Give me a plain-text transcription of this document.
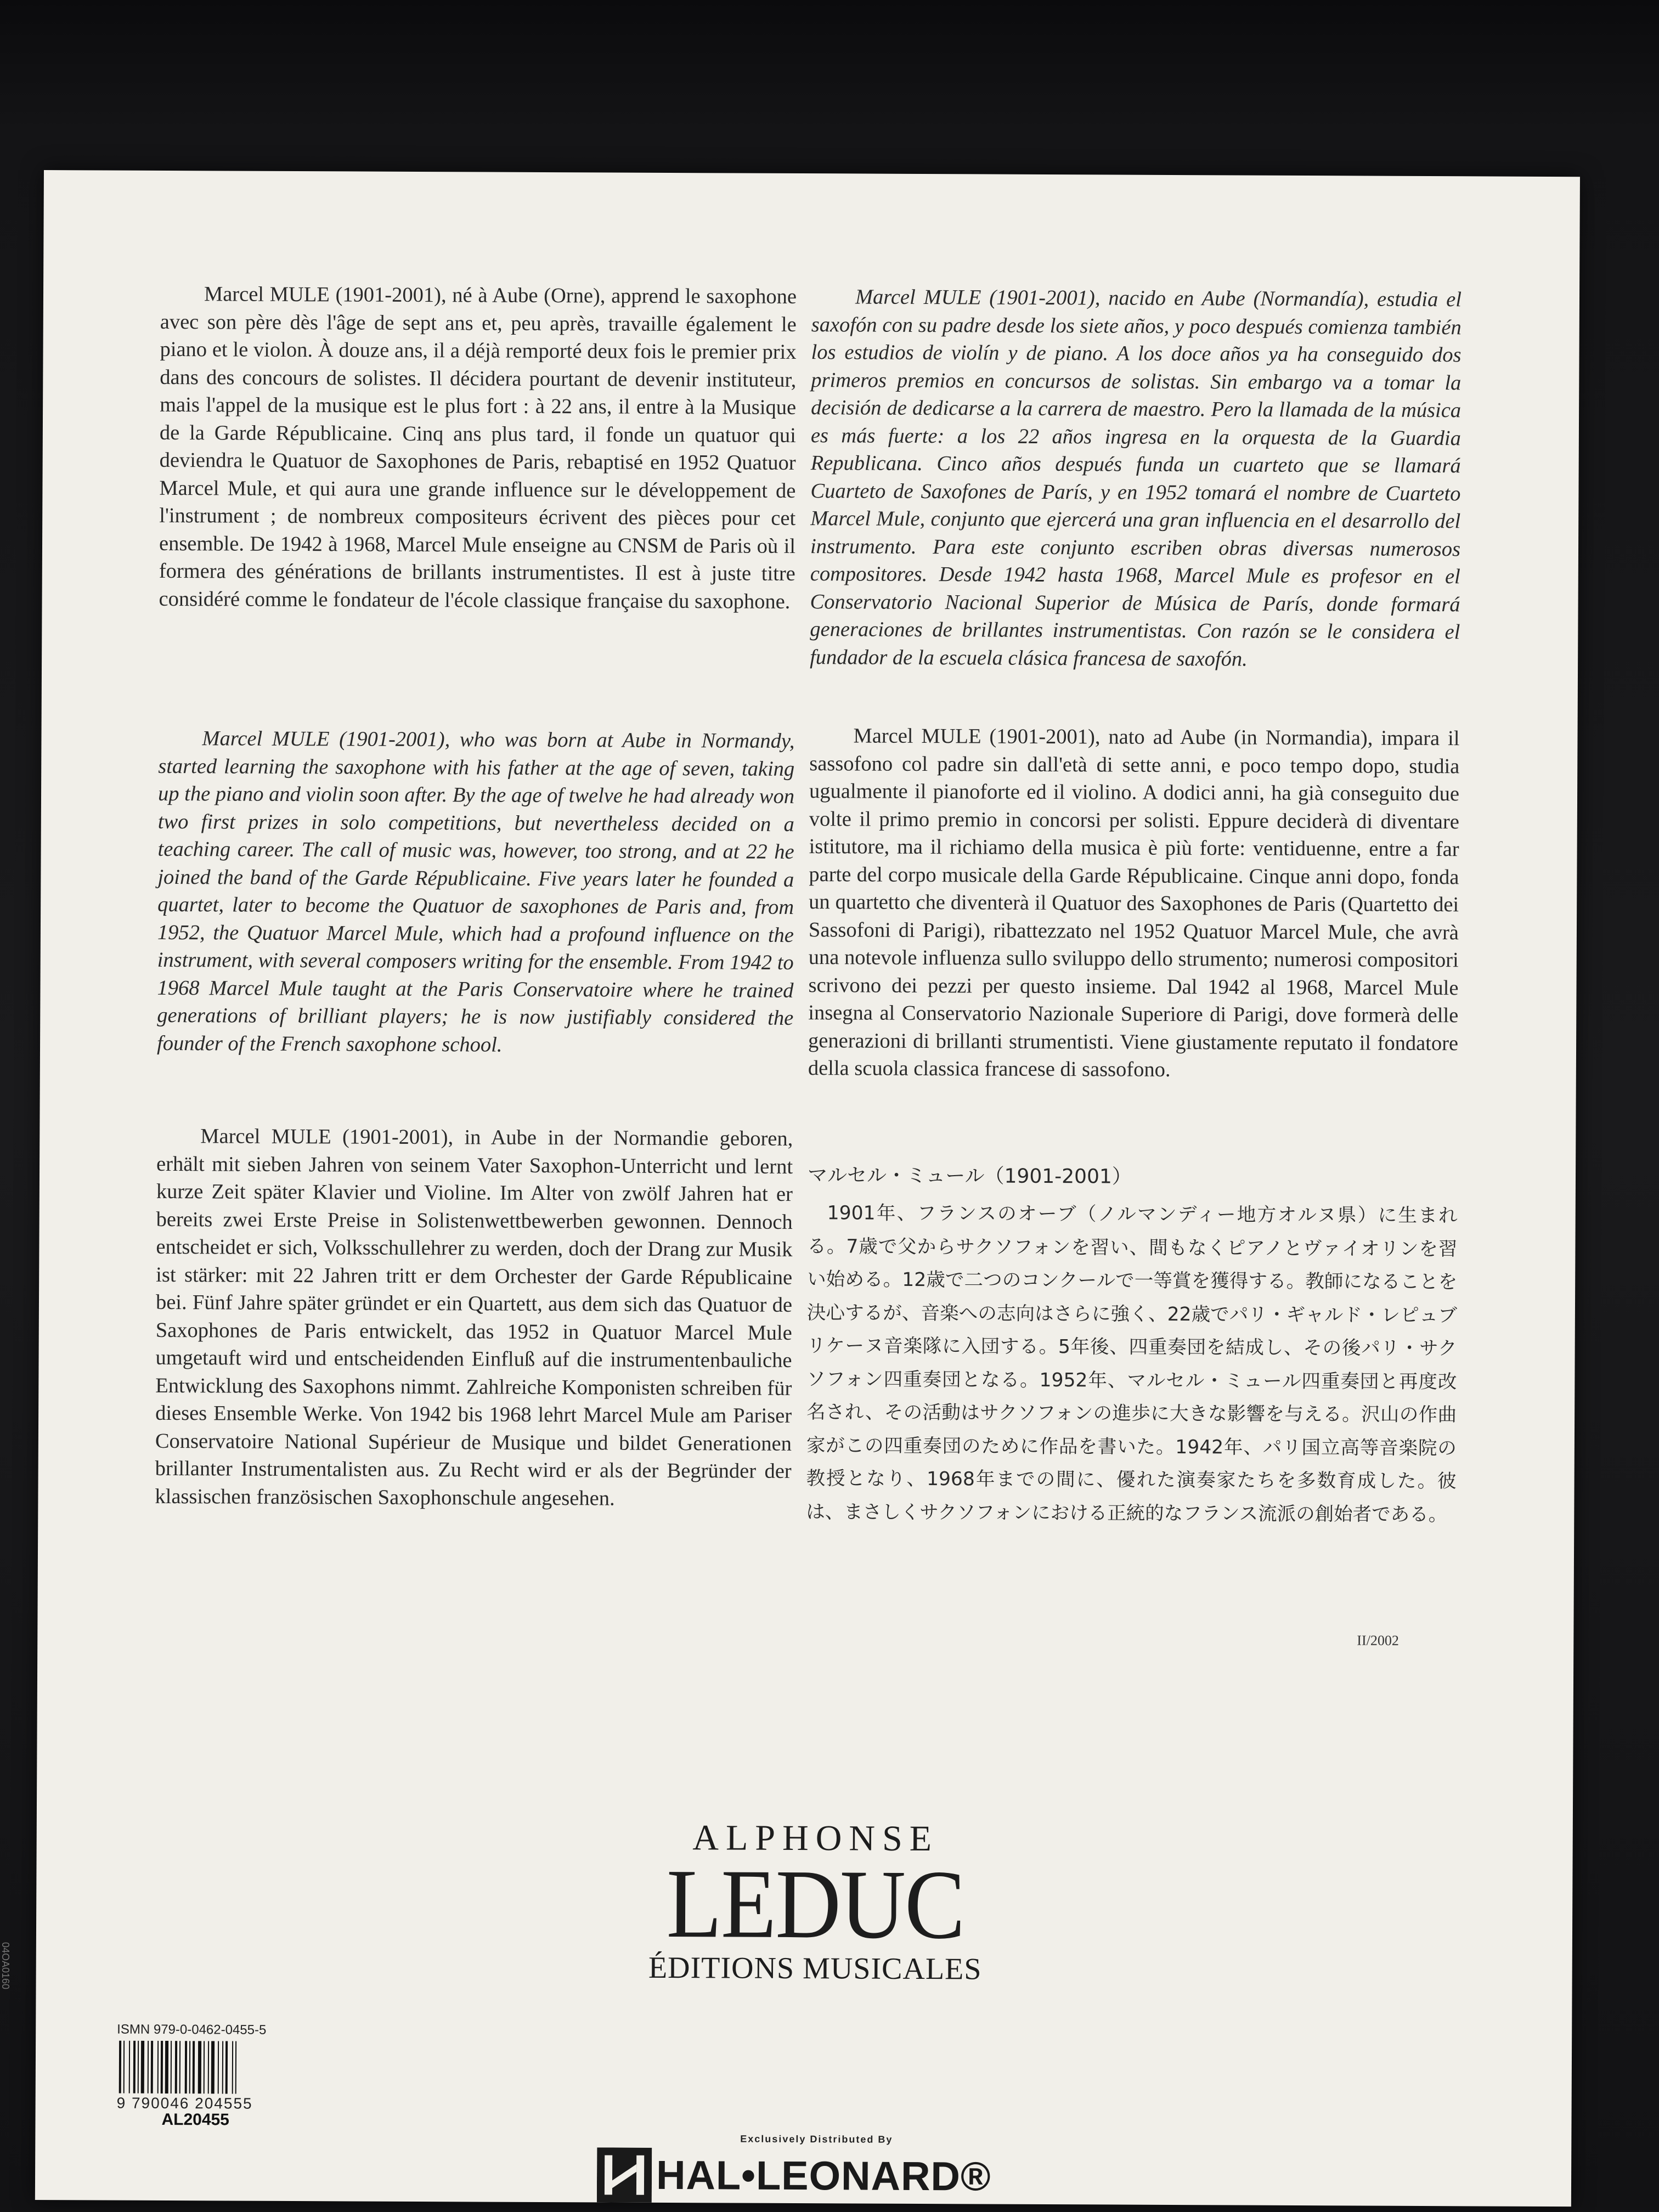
Marcel MULE (1901-2001), né à Aube (Orne), apprend le saxophone avec son père dès l'âge de sept ans et, peu après, travaille également le piano et le violon. À douze ans, il a déjà remporté deux fois le premier prix dans des concours de solistes. Il décidera pourtant de devenir instituteur, mais l'appel de la musique est le plus fort : à 22 ans, il entre à la Musique de la Garde Républicaine. Cinq ans plus tard, il fonde un quatuor qui deviendra le Quatuor de Saxophones de Paris, rebaptisé en 1952 Quatuor Marcel Mule, et qui aura une grande influence sur le développement de l'instrument ; de nombreux compositeurs écrivent des pièces pour cet ensemble. De 1942 à 1968, Marcel Mule enseigne au CNSM de Paris où il formera des générations de brillants instrumentistes. Il est à juste titre considéré comme le fondateur de l'école classique française du saxophone.

Marcel MULE (1901-2001), who was born at Aube in Normandy, started learning the saxophone with his father at the age of seven, taking up the piano and violin soon after. By the age of twelve he had already won two first prizes in solo competitions, but nevertheless decided on a teaching career. The call of music was, however, too strong, and at 22 he joined the band of the Garde Républicaine. Five years later he founded a quartet, later to become the Quatuor de saxophones de Paris and, from 1952, the Quatuor Marcel Mule, which had a profound influence on the instrument, with several composers writing for the ensemble. From 1942 to 1968 Marcel Mule taught at the Paris Conservatoire where he trained generations of brilliant players; he is now justifiably considered the founder of the French saxophone school.

Marcel MULE (1901-2001), in Aube in der Normandie geboren, erhält mit sieben Jahren von seinem Vater Saxophon-Unterricht und lernt kurze Zeit später Klavier und Violine. Im Alter von zwölf Jahren hat er bereits zwei Erste Preise in Solistenwettbewerben gewonnen. Dennoch entscheidet er sich, Volksschullehrer zu werden, doch der Drang zur Musik ist stärker: mit 22 Jahren tritt er dem Orchester der Garde Républicaine bei. Fünf Jahre später gründet er ein Quartett, aus dem sich das Quatuor de Saxophones de Paris entwickelt, das 1952 in Quatuor Marcel Mule umgetauft wird und entscheidenden Einfluß auf die instrumentenbauliche Entwicklung des Saxophons nimmt. Zahlreiche Komponisten schreiben für dieses Ensemble Werke. Von 1942 bis 1968 lehrt Marcel Mule am Pariser Conservatoire National Supérieur de Musique und bildet Generationen brillanter Instrumentalisten aus. Zu Recht wird er als der Begründer der klassischen französischen Saxophonschule angesehen.

Marcel MULE (1901-2001), nacido en Aube (Normandía), estudia el saxofón con su padre desde los siete años, y poco después comienza también los estudios de violín y de piano. A los doce años ya ha conseguido dos primeros premios en concursos de solistas. Sin embargo va a tomar la decisión de dedicarse a la carrera de maestro. Pero la llamada de la música es más fuerte: a los 22 años ingresa en la orquesta de la Guardia Republicana. Cinco años después funda un cuarteto que se llamará Cuarteto de Saxofones de París, y en 1952 tomará el nombre de Cuarteto Marcel Mule, conjunto que ejercerá una gran influencia en el desarrollo del instrumento. Para este conjunto escriben obras diversas numerosos compositores. Desde 1942 hasta 1968, Marcel Mule es profesor en el Conservatorio Nacional Superior de Música de París, donde formará generaciones de brillantes instrumentistas. Con razón se le considera el fundador de la escuela clásica francesa de saxofón.

Marcel MULE (1901-2001), nato ad Aube (in Normandia), impara il sassofono col padre sin dall'età di sette anni, e poco tempo dopo, studia ugualmente il pianoforte ed il violino. A dodici anni, ha già conseguito due volte il primo premio in concorsi per solisti. Eppure deciderà di diventare istitutore, ma il richiamo della musica è più forte: ventiduenne, entre a far parte del corpo musicale della Garde Républicaine. Cinque anni dopo, fonda un quartetto che diventerà il Quatuor des Saxophones de Paris (Quartetto dei Sassofoni di Parigi), ribattezzato nel 1952 Quatuor Marcel Mule, che avrà una notevole influenza sullo sviluppo dello strumento; numerosi compositori scrivono dei pezzi per questo insieme. Dal 1942 al 1968, Marcel Mule insegna al Conservatorio Nazionale Superiore di Parigi, dove formerà delle generazioni di brillanti strumentisti. Viene giustamente reputato il fondatore della scuola classica francese di sassofono.

マルセル・ミュール（1901-2001）

1901年、フランスのオーブ（ノルマンディー地方オルヌ県）に生まれる。7歳で父からサクソフォンを習い、間もなくピアノとヴァイオリンを習い始める。12歳で二つのコンクールで一等賞を獲得する。教師になることを決心するが、音楽への志向はさらに強く、22歳でパリ・ギャルド・レピュブリケーヌ音楽隊に入団する。5年後、四重奏団を結成し、その後パリ・サクソフォン四重奏団となる。1952年、マルセル・ミュール四重奏団と再度改名され、その活動はサクソフォンの進歩に大きな影響を与える。沢山の作曲家がこの四重奏団のために作品を書いた。1942年、パリ国立高等音楽院の教授となり、1968年までの間に、優れた演奏家たちを多数育成した。彼は、まさしくサクソフォンにおける正統的なフランス流派の創始者である。

II/2002
ALPHONSE
LEDUC
ÉDITIONS MUSICALES
ISMN 979-0-0462-0455-5
9 790046 204555
AL20455
Exclusively Distributed By
HAL•LEONARD®
04OA0160
